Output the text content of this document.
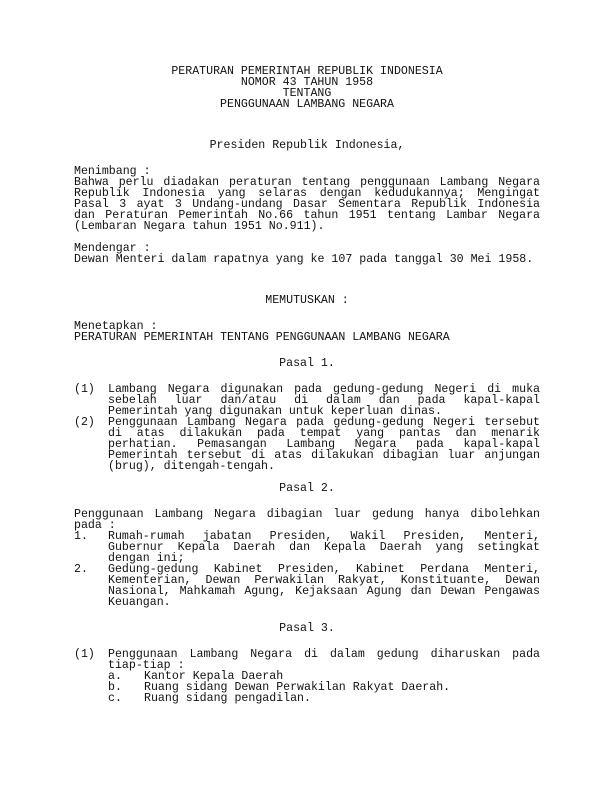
PERATURAN PEMERINTAH REPUBLIK INDONESIA
NOMOR 43 TAHUN 1958
TENTANG
PENGGUNAAN LAMBANG NEGARA
Presiden Republik Indonesia,
Menimbang :
Bahwa perlu diadakan peraturan tentang penggunaan Lambang Negara
Republik Indonesia yang selaras dengan kedudukannya; Mengingat
Pasal 3 ayat 3 Undang-undang Dasar Sementara Republik Indonesia
dan Peraturan Pemerintah No.66 tahun 1951 tentang Lambar Negara
(Lembaran Negara tahun 1951 No.911).
Mendengar :
Dewan Menteri dalam rapatnya yang ke 107 pada tanggal 30 Mei 1958.
MEMUTUSKAN :
Menetapkan :
PERATURAN PEMERINTAH TENTANG PENGGUNAAN LAMBANG NEGARA
Pasal 1.
(1) Lambang Negara digunakan pada gedung-gedung Negeri di muka
sebelah luar dan/atau di dalam dan pada kapal-kapal
Pemerintah yang digunakan untuk keperluan dinas.
(2) Penggunaan Lambang Negara pada gedung-gedung Negeri tersebut
di atas dilakukan pada tempat yang pantas dan menarik
perhatian. Pemasangan Lambang Negara pada kapal-kapal
Pemerintah tersebut di atas dilakukan dibagian luar anjungan
(brug), ditengah-tengah.
Pasal 2.
Penggunaan Lambang Negara dibagian luar gedung hanya dibolehkan
pada :
1. Rumah-rumah jabatan Presiden, Wakil Presiden, Menteri,
Gubernur Kepala Daerah dan Kepala Daerah yang setingkat
dengan ini;
2. Gedung-gedung Kabinet Presiden, Kabinet Perdana Menteri,
Kementerian, Dewan Perwakilan Rakyat, Konstituante, Dewan
Nasional, Mahkamah Agung, Kejaksaan Agung dan Dewan Pengawas
Keuangan.
Pasal 3.
(1) Penggunaan Lambang Negara di dalam gedung diharuskan pada
tiap-tiap :
a. Kantor Kepala Daerah
b. Ruang sidang Dewan Perwakilan Rakyat Daerah.
c. Ruang sidang pengadilan.
